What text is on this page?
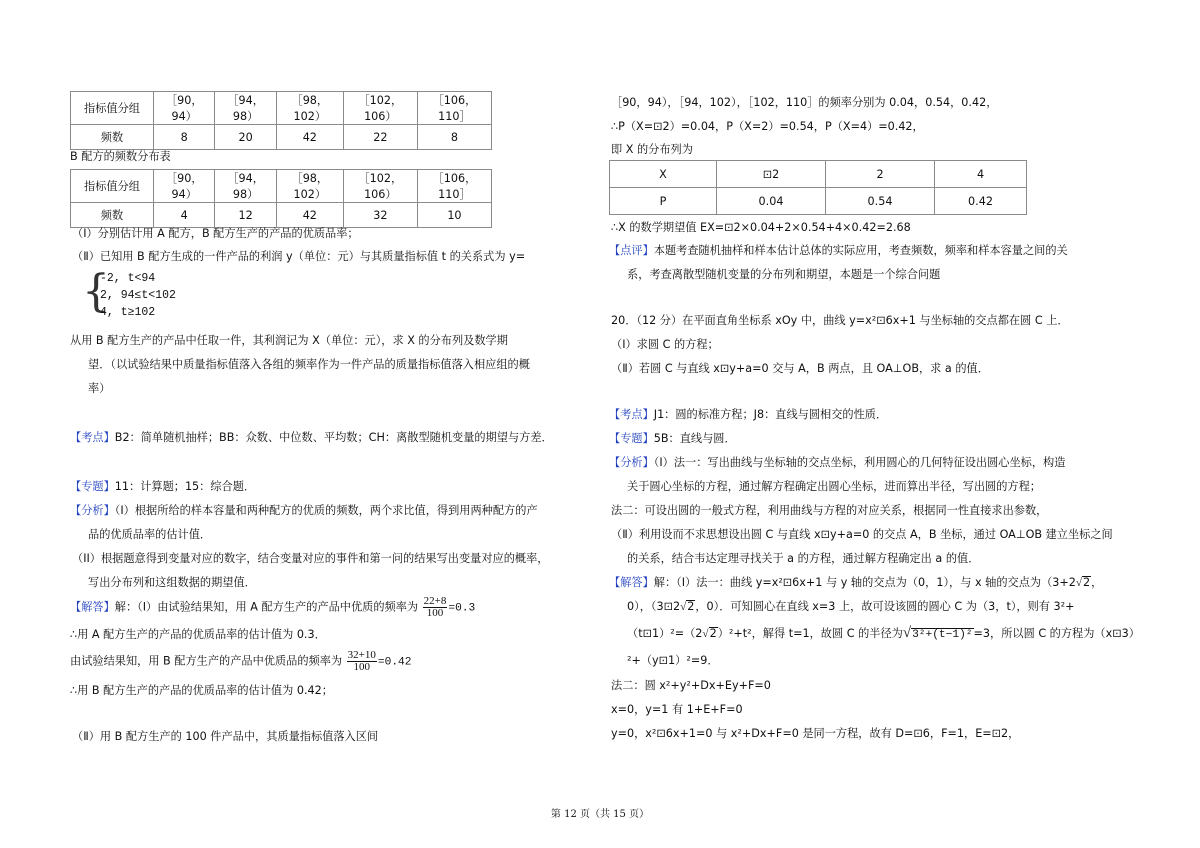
指标值分组	［90，94）	［94，98）	［98，102）	［102，106）	［106，110］
频数	8	20	42	22	8
B 配方的频数分布表
指标值分组	［90，94）	［94，98）	［98，102）	［102，106）	［106，110］
频数	4	12	42	32	10
（Ⅰ）分别估计用 A 配方，B 配方生产的产品的优质品率；
（Ⅱ）已知用 B 配方生成的一件产品的利润 y（单位：元）与其质量指标值 t 的关系式为 y=
{
-2, t<94
2, 94≤t<102
4, t≥102
从用 B 配方生产的产品中任取一件，其利润记为 X（单位：元），求 X 的分布列及数学期
望．（以试验结果中质量指标值落入各组的频率作为一件产品的质量指标值落入相应组的概
率）
【考点】B2：简单随机抽样；BB：众数、中位数、平均数；CH：离散型随机变量的期望与方差．
【专题】11：计算题；15：综合题．
【分析】（I）根据所给的样本容量和两种配方的优质的频数，两个求比值，得到用两种配方的产
品的优质品率的估计值．
（II）根据题意得到变量对应的数字，结合变量对应的事件和第一问的结果写出变量对应的概率，
写出分布列和这组数据的期望值．
【解答】解：（Ⅰ）由试验结果知，用 A 配方生产的产品中优质的频率为 $\frac{22+8}{100} =0.3$
∴用 A 配方生产的产品的优质品率的估计值为 0.3．
由试验结果知，用 B 配方生产的产品中优质品的频率为 $\frac{32+10}{100} =0.42$
∴用 B 配方生产的产品的优质品率的估计值为 0.42；
（Ⅱ）用 B 配方生产的 100 件产品中，其质量指标值落入区间
［90，94），［94，102），［102，110］的频率分别为 0.04，0.54，0.42，
∴P（X=⊡2）=0.04，P（X=2）=0.54，P（X=4）=0.42，
即 X 的分布列为
X	⊡2	2	4
P	0.04	0.54	0.42
∴X 的数学期望值 EX=⊡2×0.04+2×0.54+4×0.42=2.68
【点评】本题考查随机抽样和样本估计总体的实际应用，考查频数，频率和样本容量之间的关
系，考查离散型随机变量的分布列和期望，本题是一个综合问题
20．（12 分）在平面直角坐标系 xOy 中，曲线 y=x²⊡6x+1 与坐标轴的交点都在圆 C 上．
（Ⅰ）求圆 C 的方程；
（Ⅱ）若圆 C 与直线 x⊡y+a=0 交与 A，B 两点，且 OA⊥OB，求 a 的值．
【考点】J1：圆的标准方程；J8：直线与圆相交的性质．
【专题】5B：直线与圆．
【分析】（Ⅰ）法一：写出曲线与坐标轴的交点坐标，利用圆心的几何特征设出圆心坐标，构造
关于圆心坐标的方程，通过解方程确定出圆心坐标，进而算出半径，写出圆的方程；
法二：可设出圆的一般式方程，利用曲线与方程的对应关系，根据同一性直接求出参数，
（Ⅱ）利用设而不求思想设出圆 C 与直线 x⊡y+a=0 的交点 A，B 坐标，通过 OA⊥OB 建立坐标之间
的关系，结合韦达定理寻找关于 a 的方程，通过解方程确定出 a 的值．
【解答】解：（Ⅰ）法一：曲线 y=x²⊡6x+1 与 y 轴的交点为（0，1），与 x 轴的交点为（3+2√2，
0），（3⊡2√2，0）．可知圆心在直线 x=3 上，故可设该圆的圆心 C 为（3，t），则有 3²+
（t⊡1）²=（2√2）²+t²，解得 t=1，故圆 C 的半径为√3²+(t−1)²=3，所以圆 C 的方程为（x⊡3）
²+（y⊡1）²=9．
法二：圆 x²+y²+Dx+Ey+F=0
x=0，y=1 有 1+E+F=0
y=0，x²⊡6x+1=0 与 x²+Dx+F=0 是同一方程，故有 D=⊡6，F=1，E=⊡2，
第 12 页（共 15 页）
